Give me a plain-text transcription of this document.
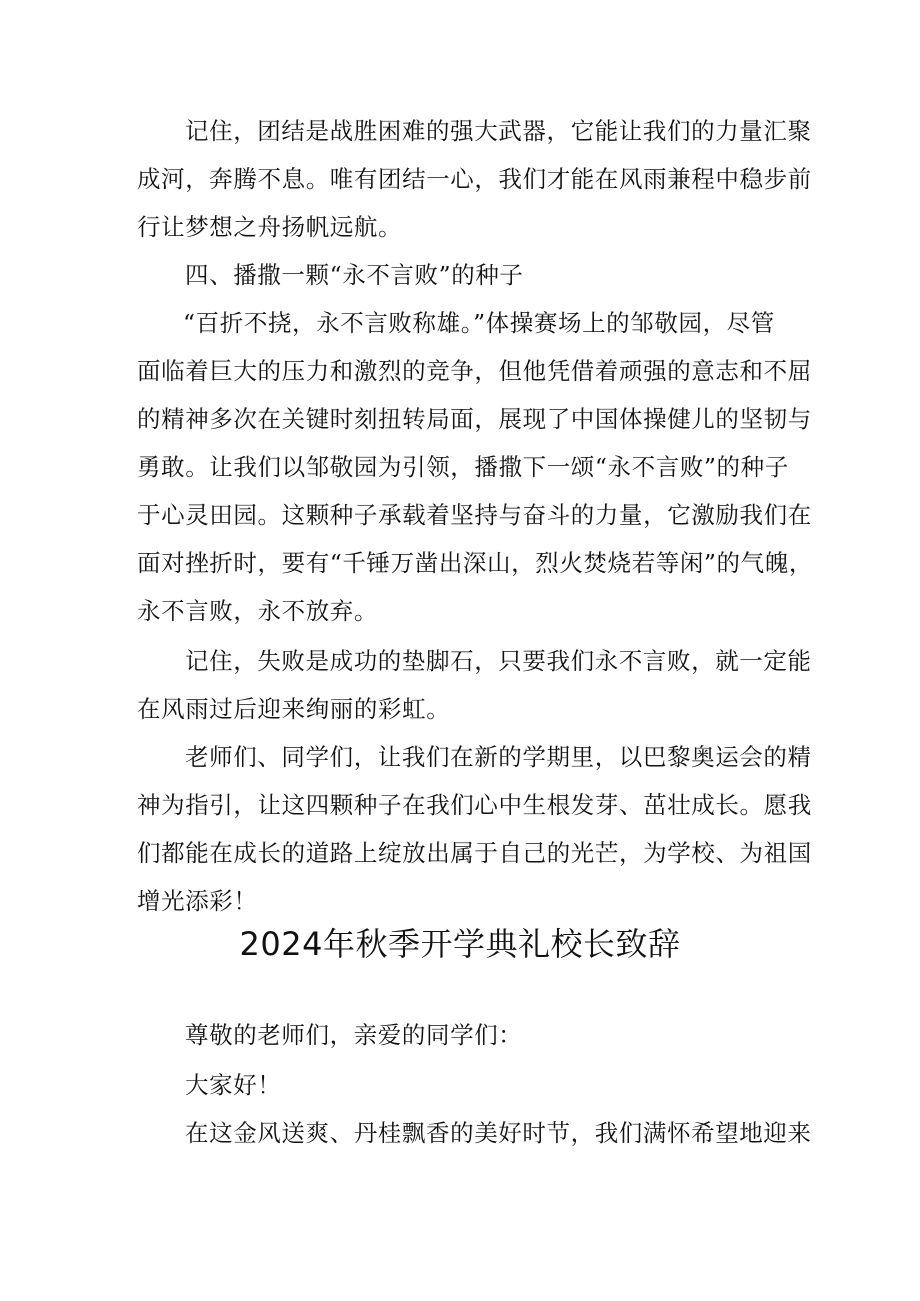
记住，团结是战胜困难的强大武器，它能让我们的力量汇聚
成河，奔腾不息。唯有团结一心，我们才能在风雨兼程中稳步前
行让梦想之舟扬帆远航。
四、播撒一颗“永不言败”的种子
“百折不挠，永不言败称雄。”体操赛场上的邹敬园，尽管
面临着巨大的压力和激烈的竞争，但他凭借着顽强的意志和不屈
的精神多次在关键时刻扭转局面，展现了中国体操健儿的坚韧与
勇敢。让我们以邹敬园为引领，播撒下一颂“永不言败”的种子
于心灵田园。这颗种子承载着坚持与奋斗的力量，它激励我们在
面对挫折时，要有“千锤万凿出深山，烈火焚烧若等闲”的气魄，
永不言败，永不放弃。
记住，失败是成功的垫脚石，只要我们永不言败，就一定能
在风雨过后迎来绚丽的彩虹。
老师们、同学们，让我们在新的学期里，以巴黎奥运会的精
神为指引，让这四颗种子在我们心中生根发芽、茁壮成长。愿我
们都能在成长的道路上绽放出属于自己的光芒，为学校、为祖国
增光添彩！
2024年秋季开学典礼校长致辞
尊敬的老师们，亲爱的同学们：
大家好！
在这金风送爽、丹桂飘香的美好时节，我们满怀希望地迎来
